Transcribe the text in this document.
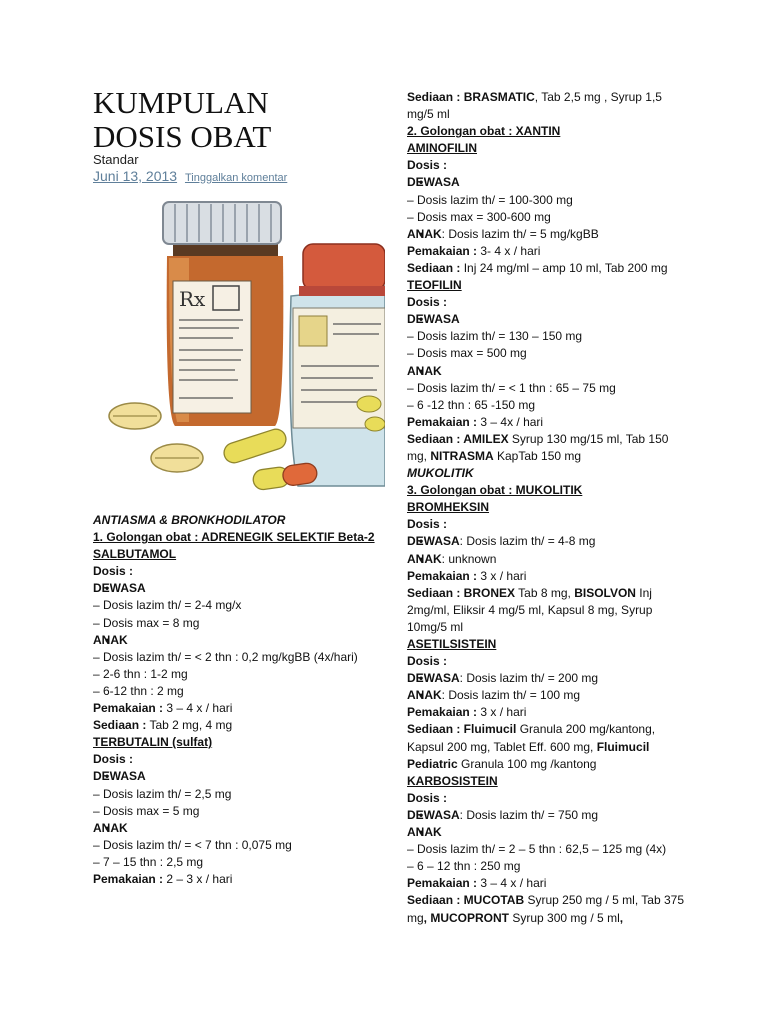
KUMPULAN
DOSIS OBAT
Standar
Juni 13, 2013 Tinggalkan komentar
Rx
ANTIASMA & BRONKHODILATOR
1. Golongan obat : ADRENEGIK SELEKTIF Beta-2
SALBUTAMOL
Dosis :
• DEWASA
– Dosis lazim th/ = 2-4 mg/x
– Dosis max = 8 mg
• ANAK
– Dosis lazim th/ = < 2 thn : 0,2 mg/kgBB (4x/hari)
– 2-6 thn : 1-2 mg
– 6-12 thn : 2 mg
Pemakaian : 3 – 4 x / hari
Sediaan : Tab 2 mg, 4 mg
TERBUTALIN (sulfat)
Dosis :
• DEWASA
– Dosis lazim th/ = 2,5 mg
– Dosis max = 5 mg
• ANAK
– Dosis lazim th/ = < 7 thn : 0,075 mg
– 7 – 15 thn : 2,5 mg
Pemakaian : 2 – 3 x / hari
Sediaan : BRASMATIC, Tab 2,5 mg , Syrup 1,5 mg/5 ml
2. Golongan obat : XANTIN
AMINOFILIN
Dosis :
• DEWASA
– Dosis lazim th/ = 100-300 mg
– Dosis max = 300-600 mg
• ANAK: Dosis lazim th/ = 5 mg/kgBB
Pemakaian : 3- 4 x / hari
Sediaan : Inj 24 mg/ml – amp 10 ml, Tab 200 mg
TEOFILIN
Dosis :
• DEWASA
– Dosis lazim th/ = 130 – 150 mg
– Dosis max = 500 mg
• ANAK
– Dosis lazim th/ = < 1 thn : 65 – 75 mg
– 6 -12 thn : 65 -150 mg
Pemakaian : 3 – 4x / hari
Sediaan : AMILEX Syrup 130 mg/15 ml, Tab 150 mg, NITRASMA KapTab 150 mg
MUKOLITIK
3. Golongan obat : MUKOLITIK
BROMHEKSIN
Dosis :
• DEWASA: Dosis lazim th/ = 4-8 mg
• ANAK: unknown
Pemakaian : 3 x / hari
Sediaan : BRONEX Tab 8 mg, BISOLVON Inj 2mg/ml, Eliksir 4 mg/5 ml, Kapsul 8 mg, Syrup 10mg/5 ml
ASETILSISTEIN
Dosis :
• DEWASA: Dosis lazim th/ = 200 mg
• ANAK: Dosis lazim th/ = 100 mg
Pemakaian : 3 x / hari
Sediaan : Fluimucil Granula 200 mg/kantong, Kapsul 200 mg, Tablet Eff. 600 mg, Fluimucil Pediatric Granula 100 mg /kantong
KARBOSISTEIN
Dosis :
• DEWASA: Dosis lazim th/ = 750 mg
• ANAK
– Dosis lazim th/ = 2 – 5 thn : 62,5 – 125 mg (4x)
– 6 – 12 thn : 250 mg
Pemakaian : 3 – 4 x / hari
Sediaan : MUCOTAB Syrup 250 mg / 5 ml, Tab 375 mg, MUCOPRONT Syrup 300 mg / 5 ml,
